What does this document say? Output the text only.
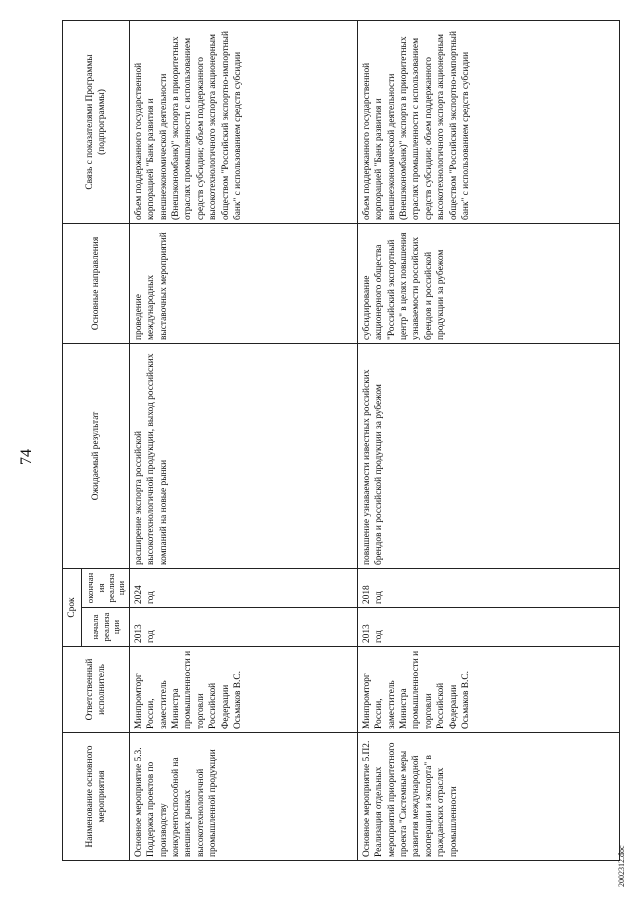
74
Наименование основного мероприятия	Ответственный исполнитель	Срок		Ожидаемый результат	Основные направления	Связь с показателями Программы (подпрограммы)
		начала реализации	окончания реализации			
Основное мероприятие 5.3. Поддержка проектов по производству конкурентоспособной на внешних рынках высокотехнологичной промышленной продукции	Минпромторг России, заместитель Министра промышленности и торговли Российской Федерации Осьмаков В.С.	2013 год	2024 год	расширение экспорта российской высокотехнологичной продукции, выход российских компаний на новые рынки	проведение международных выставочных мероприятий	объем поддержанного государственной корпорацией "Банк развития и внешнеэкономической деятельности (Внешэкономбанк)" экспорта в приоритетных отраслях промышленности с использованием средств субсидии; объем поддержанного высокотехнологичного экспорта акционерным обществом "Российский экспортно-импортный банк" с использованием средств субсидии
Основное мероприятие 5.П2. Реализация отдельных мероприятий приоритетного проекта "Системные меры развития международной кооперации и экспорта" в гражданских отраслях промышленности	Минпромторг России, заместитель Министра промышленности и торговли Российской Федерации Осьмаков В.С.	2013 год	2018 год	повышение узнаваемости известных российских брендов и российской продукции за рубежом	субсидирование акционерного общества "Российский экспортный центр" в целях повышения узнаваемости российских брендов и российской продукции за рубежом	объем поддержанного государственной корпорацией "Банк развития и внешнеэкономической деятельности (Внешэкономбанк)" экспорта в приоритетных отраслях промышленности с использованием средств субсидии; объем поддержанного высокотехнологичного экспорта акционерным обществом "Российский экспортно-импортный банк" с использованием средств субсидии
2002312.doc
